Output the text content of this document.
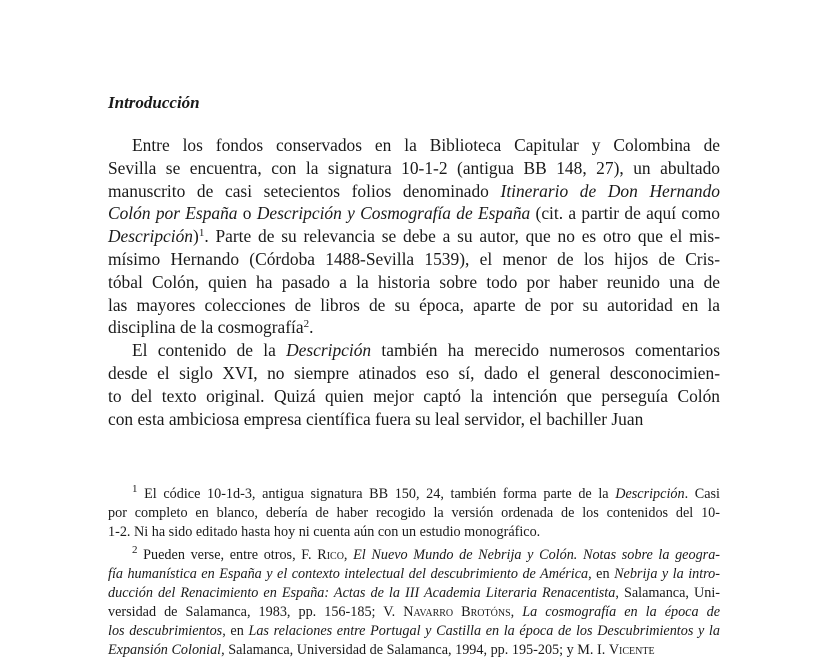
Introducción
Entre los fondos conservados en la Biblioteca Capitular y Colombina de
Sevilla se encuentra, con la signatura 10-1-2 (antigua BB 148, 27), un abultado
manuscrito de casi setecientos folios denominado Itinerario de Don Hernando
Colón por España o Descripción y Cosmografía de España (cit. a partir de aquí como
Descripción)$^1$. Parte de su relevancia se debe a su autor, que no es otro que el mis-
mísimo Hernando (Córdoba 1488-Sevilla 1539), el menor de los hijos de Cris-
tóbal Colón, quien ha pasado a la historia sobre todo por haber reunido una de
las mayores colecciones de libros de su época, aparte de por su autoridad en la
disciplina de la cosmografía$^2$.
El contenido de la Descripción también ha merecido numerosos comentarios
desde el siglo XVI, no siempre atinados eso sí, dado el general desconocimien-
to del texto original. Quizá quien mejor captó la intención que perseguía Colón
con esta ambiciosa empresa científica fuera su leal servidor, el bachiller Juan
$^1$ El códice 10-1d-3, antigua signatura BB 150, 24, también forma parte de la Descripción. Casi
por completo en blanco, debería de haber recogido la versión ordenada de los contenidos del 10-
1-2. Ni ha sido editado hasta hoy ni cuenta aún con un estudio monográfico.
$^2$ Pueden verse, entre otros, F. Rico, El Nuevo Mundo de Nebrija y Colón. Notas sobre la geogra-
fía humanística en España y el contexto intelectual del descubrimiento de América, en Nebrija y la intro-
ducción del Renacimiento en España: Actas de la III Academia Literaria Renacentista, Salamanca, Uni-
versidad de Salamanca, 1983, pp. 156-185; V. Navarro Brotóns, La cosmografía en la época de
los descubrimientos, en Las relaciones entre Portugal y Castilla en la época de los Descubrimientos y la
Expansión Colonial, Salamanca, Universidad de Salamanca, 1994, pp. 195-205; y M. I. Vicente
